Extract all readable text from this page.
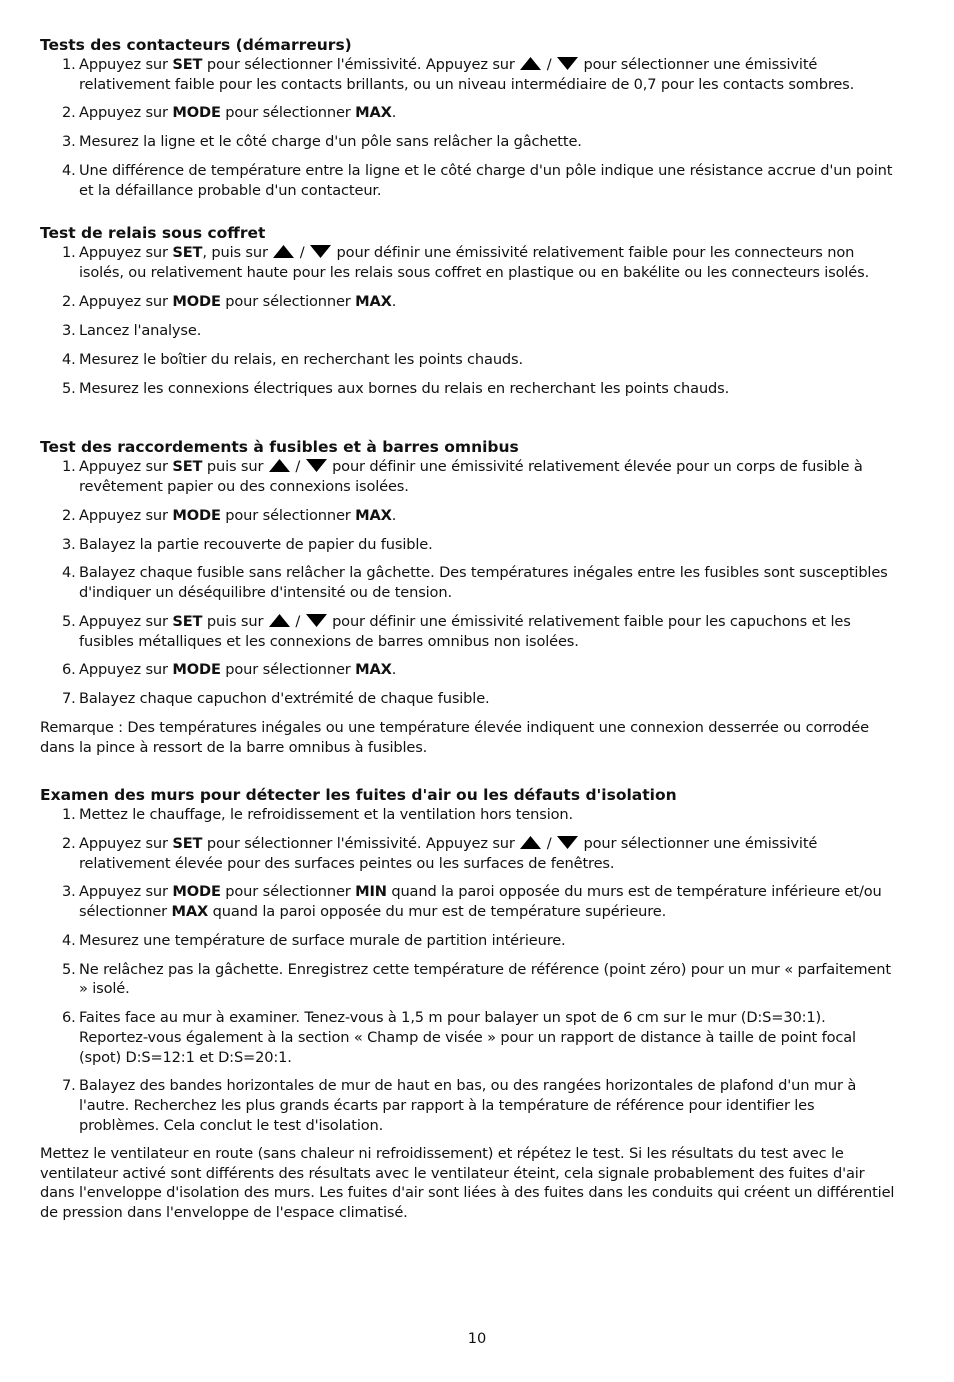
Tests des contacteurs (démarreurs)
1. Appuyez sur SET pour sélectionner l'émissivité. Appuyez sur  /  pour sélectionner une émissivité relativement faible pour les contacts brillants, ou un niveau intermédiaire de 0,7 pour les contacts sombres.
2. Appuyez sur MODE pour sélectionner MAX.
3. Mesurez la ligne et le côté charge d'un pôle sans relâcher la gâchette.
4. Une différence de température entre la ligne et le côté charge d'un pôle indique une résistance accrue d'un point et la défaillance probable d'un contacteur.
Test de relais sous coffret
1. Appuyez sur SET, puis sur  /  pour définir une émissivité relativement faible pour les connecteurs non isolés, ou relativement haute pour les relais sous coffret en plastique ou en bakélite ou les connecteurs isolés.
2. Appuyez sur MODE pour sélectionner MAX.
3. Lancez l'analyse.
4. Mesurez le boîtier du relais, en recherchant les points chauds.
5. Mesurez les connexions électriques aux bornes du relais en recherchant les points chauds.
Test des raccordements à fusibles et à barres omnibus
1. Appuyez sur SET puis sur  /  pour définir une émissivité relativement élevée pour un corps de fusible à revêtement papier ou des connexions isolées.
2. Appuyez sur MODE pour sélectionner MAX.
3. Balayez la partie recouverte de papier du fusible.
4. Balayez chaque fusible sans relâcher la gâchette. Des températures inégales entre les fusibles sont susceptibles d'indiquer un déséquilibre d'intensité ou de tension.
5. Appuyez sur SET puis sur  /  pour définir une émissivité relativement faible pour les capuchons et les fusibles métalliques et les connexions de barres omnibus non isolées.
6. Appuyez sur MODE pour sélectionner MAX.
7. Balayez chaque capuchon d'extrémité de chaque fusible.

Remarque : Des températures inégales ou une température élevée indiquent une connexion desserrée ou corrodée dans la pince à ressort de la barre omnibus à fusibles.

Examen des murs pour détecter les fuites d'air ou les défauts d'isolation
1. Mettez le chauffage, le refroidissement et la ventilation hors tension.
2. Appuyez sur SET pour sélectionner l'émissivité. Appuyez sur  /  pour sélectionner une émissivité relativement élevée pour des surfaces peintes ou les surfaces de fenêtres.
3. Appuyez sur MODE pour sélectionner MIN quand la paroi opposée du murs est de température inférieure et/ou sélectionner MAX quand la paroi opposée du mur est de température supérieure.
4. Mesurez une température de surface murale de partition intérieure.
5. Ne relâchez pas la gâchette. Enregistrez cette température de référence (point zéro) pour un mur « parfaitement » isolé.
6. Faites face au mur à examiner. Tenez-vous à 1,5 m pour balayer un spot de 6 cm sur le mur (D:S=30:1). Reportez-vous également à la section « Champ de visée » pour un rapport de distance à taille de point focal (spot) D:S=12:1 et D:S=20:1.
7. Balayez des bandes horizontales de mur de haut en bas, ou des rangées horizontales de plafond d'un mur à l'autre. Recherchez les plus grands écarts par rapport à la température de référence pour identifier les problèmes. Cela conclut le test d'isolation.

Mettez le ventilateur en route (sans chaleur ni refroidissement) et répétez le test. Si les résultats du test avec le ventilateur activé sont différents des résultats avec le ventilateur éteint, cela signale probablement des fuites d'air dans l'enveloppe d'isolation des murs. Les fuites d'air sont liées à des fuites dans les conduits qui créent un différentiel de pression dans l'enveloppe de l'espace climatisé.

10
